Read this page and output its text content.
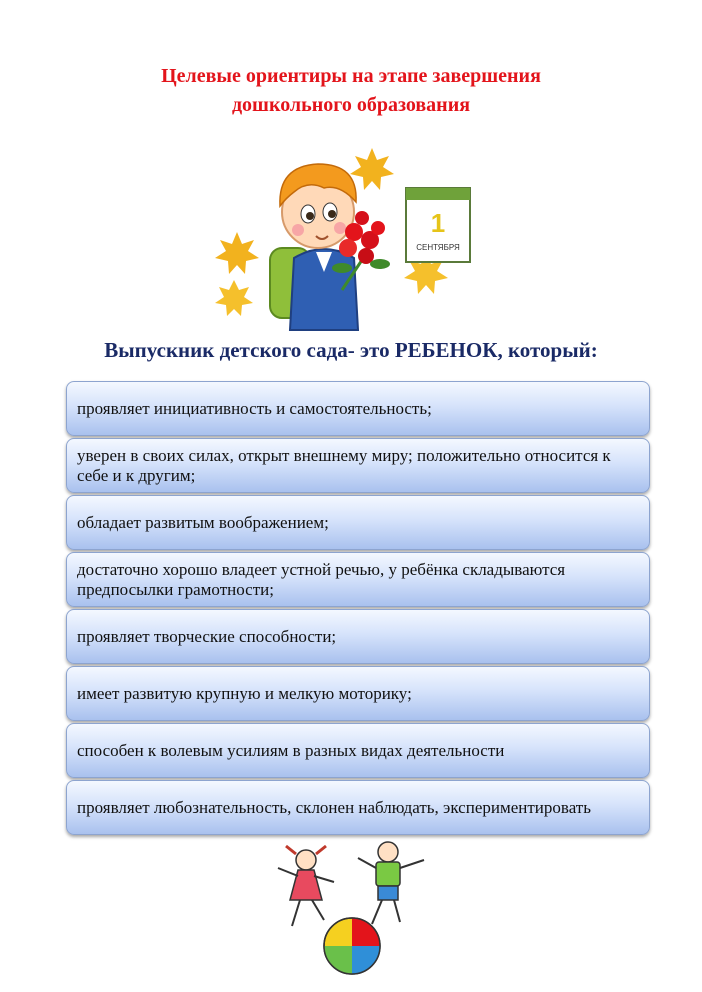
Целевые ориентиры на этапе завершения
дошкольного образования
1
СЕНТЯБРЯ
Выпускник детского сада- это РЕБЕНОК, который:
проявляет инициативность и самостоятельность;
уверен в своих силах, открыт внешнему миру; положительно относится к себе и к другим;
обладает развитым воображением;
достаточно хорошо владеет устной речью, у ребёнка складываются предпосылки грамотности;
проявляет творческие способности;
имеет развитую крупную и мелкую моторику;
способен к волевым усилиям в разных видах деятельности
проявляет любознательность, склонен наблюдать, экспериментировать
